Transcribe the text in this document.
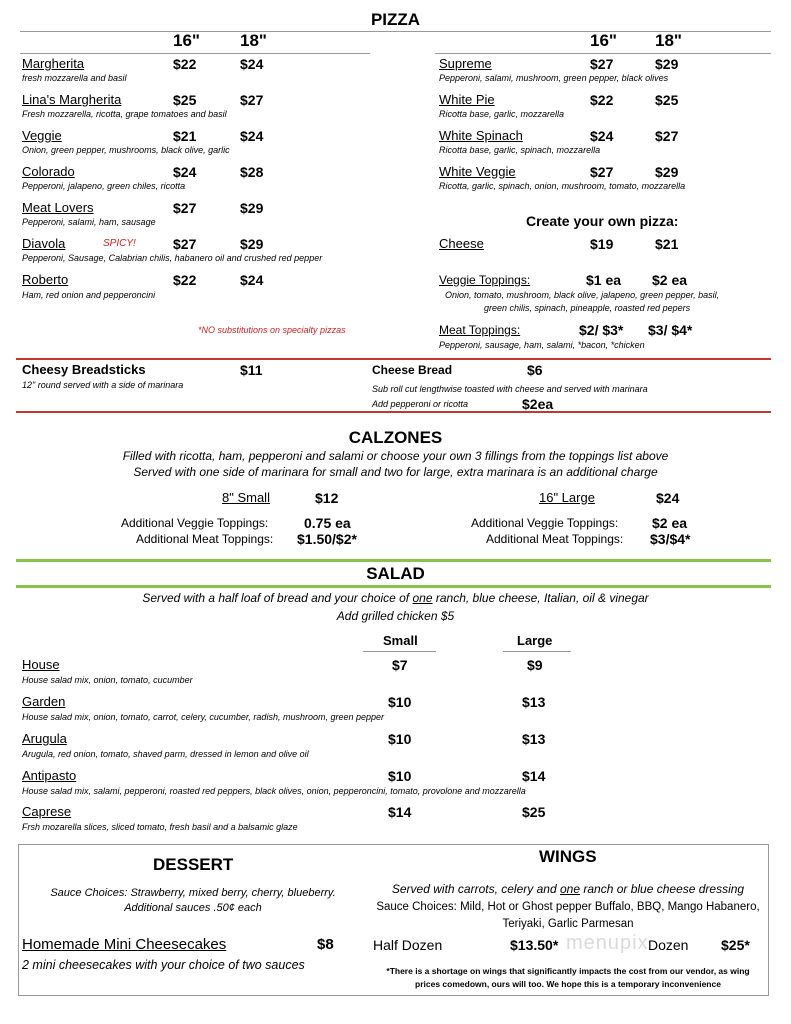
PIZZA
16" 18"	16" 18"
Margherita	$22	$24
fresh mozzarella and basil
Lina's Margherita	$25	$27
Fresh mozzarella, ricotta, grape tomatoes and basil
Veggie	$21	$24
Onion, green pepper, mushrooms, black olive, garlic
Colorado	$24	$28
Pepperoni, jalapeno, green chiles, ricotta
Meat Lovers	$27	$29
Pepperoni, salami, ham, sausage
Diavola	SPICY!	$27	$29
Pepperoni, Sausage, Calabrian chilis, habanero oil and crushed red pepper
Roberto	$22	$24
Ham, red onion and pepperoncini
*NO substitutions on specialty pizzas
Supreme	$27	$29
Pepperoni, salami, mushroom, green pepper, black olives
White Pie	$22	$25
Ricotta base, garlic, mozzarella
White Spinach	$24	$27
Ricotta base, garlic, spinach, mozzarella
White Veggie	$27	$29
Ricotta, garlic, spinach, onion, mushroom, tomato, mozzarella
Create your own pizza:
Cheese	$19	$21
Veggie Toppings:	$1 ea $2 ea
Onion, tomato, mushroom, black olive, jalapeno, green pepper, basil,
green chilis, spinach, pineapple, roasted red pepers
Meat Toppings:	$2/ $3* $3/ $4*
Pepperoni, sausage, ham, salami, *bacon, *chicken
Cheesy Breadsticks	$11
12" round served with a side of marinara
Cheese Bread	$6
Sub roll cut lengthwise toasted with cheese and served with marinara
Add pepperoni or ricotta	$2ea
CALZONES
Filled with ricotta, ham, pepperoni and salami or choose your own 3 fillings from the toppings list above
Served with one side of marinara for small and two for large, extra marinara is an additional charge
8" Small	$12
Additional Veggie Toppings:	0.75 ea
Additional Meat Toppings: $1.50/$2*
16" Large	$24
Additional Veggie Toppings: $2 ea
Additional Meat Toppings: $3/$4*
SALAD
Served with a half loaf of bread and your choice of one ranch, blue cheese, Italian, oil & vinegar
Add grilled chicken $5
Small	Large
House	$7	$9
House salad mix, onion, tomato, cucumber
Garden	$10	$13
House salad mix, onion, tomato, carrot, celery, cucumber, radish, mushroom, green pepper
Arugula	$10	$13
Arugula, red onion, tomato, shaved parm, dressed in lemon and olive oil
Antipasto	$10	$14
House salad mix, salami, pepperoni, roasted red peppers, black olives, onion, pepperoncini, tomato, provolone and mozzarella
Caprese	$14	$25
Frsh mozarella slices, sliced tomato, fresh basil and a balsamic glaze
DESSERT
Sauce Choices: Strawberry, mixed berry, cherry, blueberry.
Additional sauces .50¢ each
Homemade Mini Cheesecakes	$8
2 mini cheesecakes with your choice of two sauces
WINGS
Served with carrots, celery and one ranch or blue cheese dressing
Sauce Choices: Mild, Hot or Ghost pepper Buffalo, BBQ, Mango Habanero,
Teriyaki, Garlic Parmesan
Half Dozen	$13.50*	Dozen $25*
*There is a shortage on wings that significantly impacts the cost from our vendor, as wing
prices comedown, ours will too. We hope this is a temporary inconvenience
menupix
